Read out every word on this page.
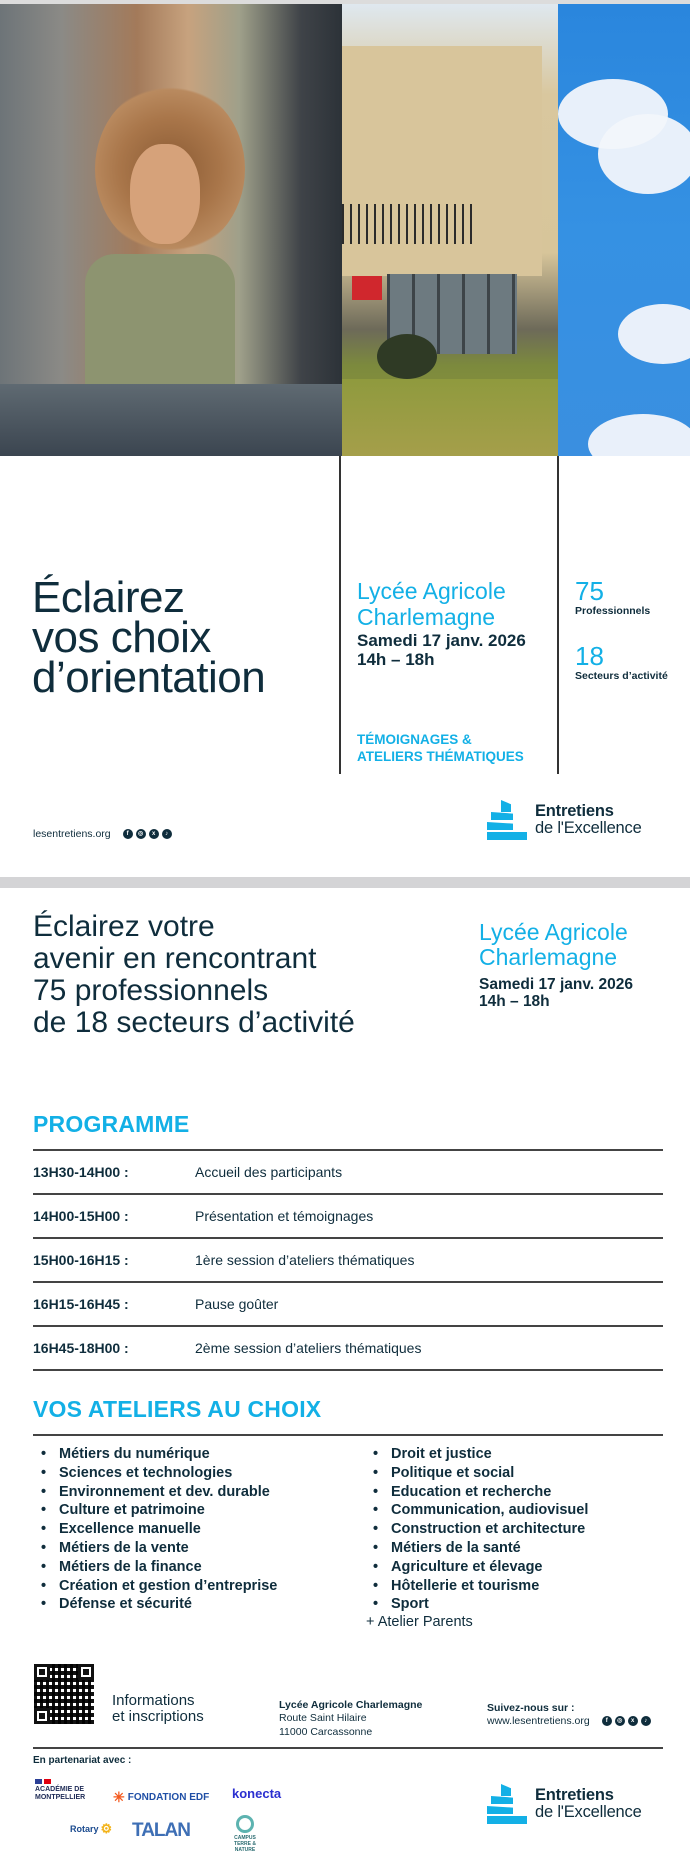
Éclairez
vos choix
d’orientation
Lycée Agricole
Charlemagne
Samedi 17 janv. 2026
14h – 18h
TÉMOIGNAGES &
ATELIERS THÉMATIQUES
75
Professionnels
18
Secteurs d’activité
lesentretiens.org	f	◎	x	♪
Entretiens
de l'Excellence
Éclairez votre
avenir en rencontrant
75 professionnels
de 18 secteurs d’activité
Lycée Agricole
Charlemagne
Samedi 17 janv. 2026
14h – 18h
PROGRAMME
13H30-14H00 :	Accueil des participants
14H00-15H00 :	Présentation et témoignages
15H00-16H15 :	1ère session d’ateliers thématiques
16H15-16H45 :	Pause goûter
16H45-18H00 :	2ème session d’ateliers thématiques
VOS ATELIERS AU CHOIX
• Métiers du numérique
• Sciences et technologies
• Environnement et dev. durable
• Culture et patrimoine
• Excellence manuelle
• Métiers de la vente
• Métiers de la finance
• Création et gestion d’entreprise
• Défense et sécurité
• Droit et justice
• Politique et social
• Education et recherche
• Communication, audiovisuel
• Construction et architecture
• Métiers de la santé
• Agriculture et élevage
• Hôtellerie et tourisme
• Sport
+ Atelier Parents
Informations
et inscriptions
Lycée Agricole Charlemagne
Route Saint Hilaire
11000 Carcassonne
Suivez-nous sur :
www.lesentretiens.org	f	◎	x	♪
En partenariat avec :
ACADÉMIE DE MONTPELLIER	✳ FONDATION EDF konecta
Rotary ⚙ TALAN	CAMPUS TERRE & NATURE
Entretiens
de l'Excellence
